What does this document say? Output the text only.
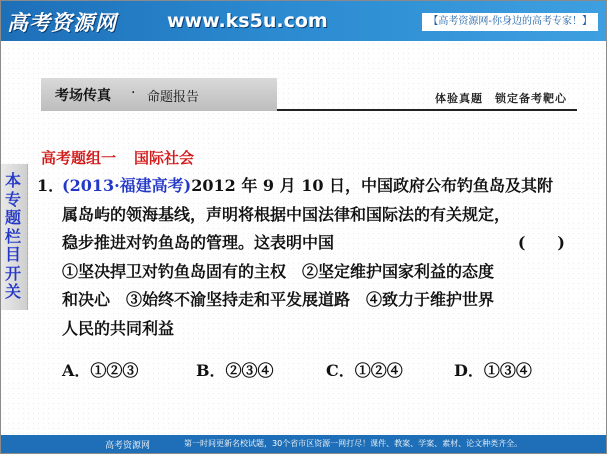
高考资源网	www.ks5u.com	【高考资源网-你身边的高考专家！】
考场传真 · 命题报告	体验真题　锁定备考靶心
本专题栏目开关
高考题组一 国际社会
1．(2013·福建高考)2012 年 9 月 10 日，中国政府公布钓鱼岛及其附
属岛屿的领海基线，声明将根据中国法律和国际法的有关规定，
稳步推进对钓鱼岛的管理。这表明中国	(　　)
①坚决捍卫对钓鱼岛固有的主权　②坚定维护国家利益的态度
和决心　③始终不渝坚持走和平发展道路　④致力于维护世界
人民的共同利益
A．①②③	B．②③④	C．①②④	D．①③④
高考资源网	第一时间更新名校试题，30个省市区资源一网打尽！课件、教案、学案、素材、论文种类齐全。
